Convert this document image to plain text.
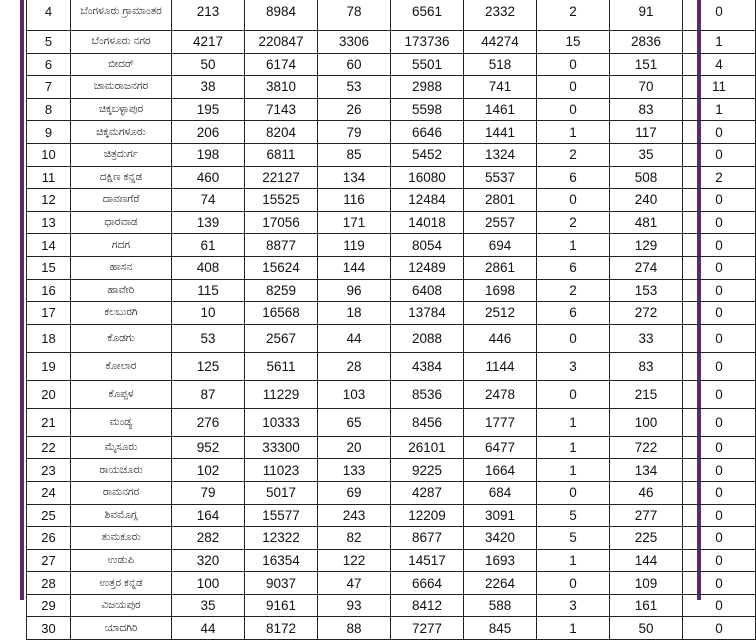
4	ಬೆಂಗಳೂರು ಗ್ರಾಮಾಂತರ	213	8984	78	6561	2332	2	91	0
5	ಬೆಂಗಳೂರು ನಗರ	4217	220847	3306	173736	44274	15	2836	1
6	ಬೀದರ್	50	6174	60	5501	518	0	151	4
7	ಚಾಮರಾಜನಗರ	38	3810	53	2988	741	0	70	11
8	ಚಿಕ್ಕಬಳ್ಳಾಪುರ	195	7143	26	5598	1461	0	83	1
9	ಚಿಕ್ಕಮಗಳೂರು	206	8204	79	6646	1441	1	117	0
10	ಚಿತ್ರದುರ್ಗ	198	6811	85	5452	1324	2	35	0
11	ದಕ್ಷಿಣ ಕನ್ನಡ	460	22127	134	16080	5537	6	508	2
12	ದಾವಣಗೆರೆ	74	15525	116	12484	2801	0	240	0
13	ಧಾರವಾಡ	139	17056	171	14018	2557	2	481	0
14	ಗದಗ	61	8877	119	8054	694	1	129	0
15	ಹಾಸನ	408	15624	144	12489	2861	6	274	0
16	ಹಾವೇರಿ	115	8259	96	6408	1698	2	153	0
17	ಕಲಬುರಗಿ	10	16568	18	13784	2512	6	272	0
18	ಕೊಡಗು	53	2567	44	2088	446	0	33	0
19	ಕೋಲಾರ	125	5611	28	4384	1144	3	83	0
20	ಕೊಪ್ಪಳ	87	11229	103	8536	2478	0	215	0
21	ಮಂಡ್ಯ	276	10333	65	8456	1777	1	100	0
22	ಮೈಸೂರು	952	33300	20	26101	6477	1	722	0
23	ರಾಯಚೂರು	102	11023	133	9225	1664	1	134	0
24	ರಾಮನಗರ	79	5017	69	4287	684	0	46	0
25	ಶಿವಮೊಗ್ಗ	164	15577	243	12209	3091	5	277	0
26	ತುಮಕೂರು	282	12322	82	8677	3420	5	225	0
27	ಉಡುಪಿ	320	16354	122	14517	1693	1	144	0
28	ಉತ್ತರ ಕನ್ನಡ	100	9037	47	6664	2264	0	109	0
29	ವಿಜಯಪುರ	35	9161	93	8412	588	3	161	0
30	ಯಾದಗಿರಿ	44	8172	88	7277	845	1	50	0
